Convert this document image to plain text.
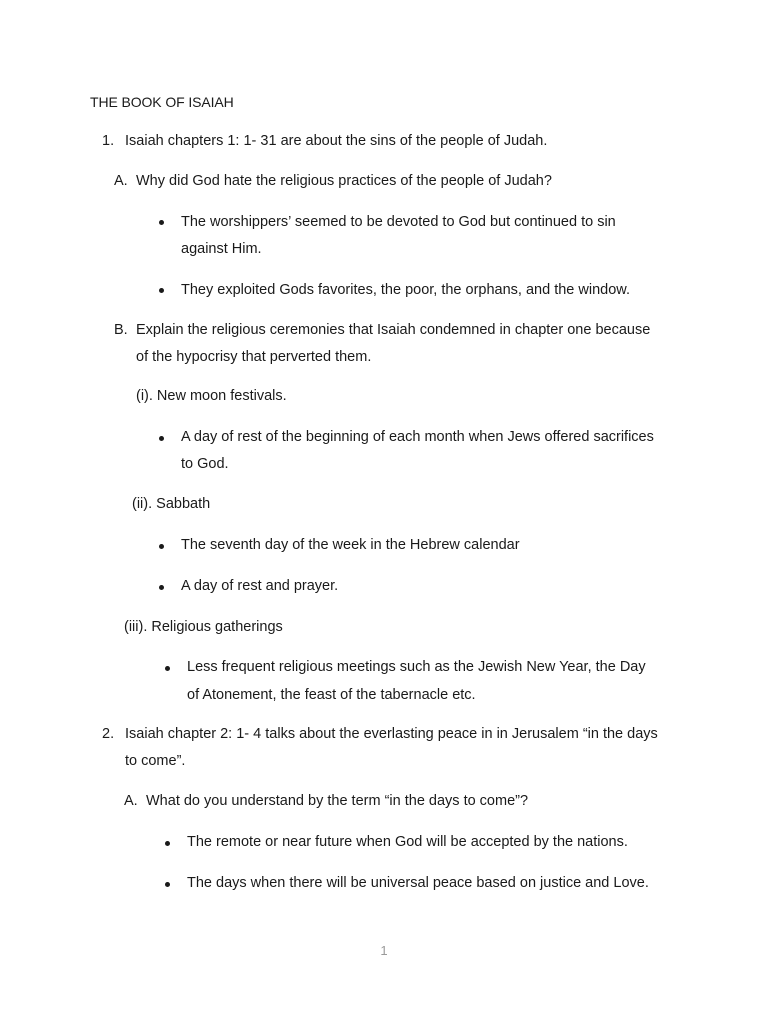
THE BOOK OF ISAIAH
1. Isaiah chapters 1: 1- 31 are about the sins of the people of Judah.
A. Why did God hate the religious practices of the people of Judah?
The worshippers’ seemed to be devoted to God but continued to sin
against Him.
They exploited Gods favorites, the poor, the orphans, and the window.
B. Explain the religious ceremonies that Isaiah condemned in chapter one because
of the hypocrisy that perverted them.
(i). New moon festivals.
A day of rest of the beginning of each month when Jews offered sacrifices
to God.
(ii). Sabbath
The seventh day of the week in the Hebrew calendar
A day of rest and prayer.
(iii). Religious gatherings
Less frequent religious meetings such as the Jewish New Year, the Day
of Atonement, the feast of the tabernacle etc.
2. Isaiah chapter 2: 1- 4 talks about the everlasting peace in in Jerusalem “in the days
to come”.
A. What do you understand by the term “in the days to come”?
The remote or near future when God will be accepted by the nations.
The days when there will be universal peace based on justice and Love.
1
